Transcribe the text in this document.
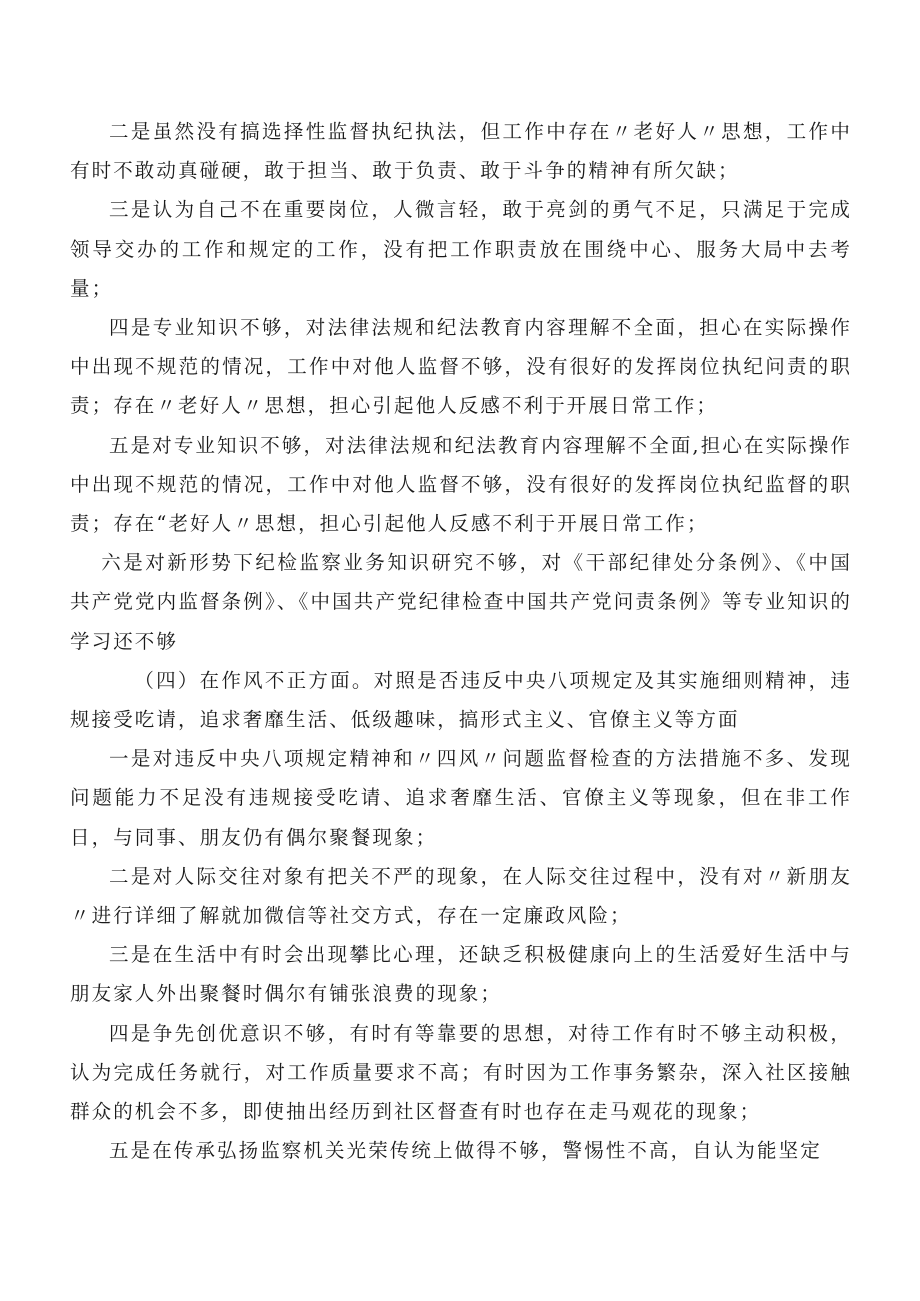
二是虽然没有搞选择性监督执纪执法，但工作中存在〃老好人〃思想，工作中有时不敢动真碰硬，敢于担当、敢于负责、敢于斗争的精神有所欠缺；

三是认为自己不在重要岗位，人微言轻，敢于亮剑的勇气不足，只满足于完成领导交办的工作和规定的工作，没有把工作职责放在围绕中心、服务大局中去考量；

四是专业知识不够，对法律法规和纪法教育内容理解不全面，担心在实际操作中出现不规范的情况，工作中对他人监督不够，没有很好的发挥岗位执纪问责的职责；存在〃老好人〃思想，担心引起他人反感不利于开展日常工作；

五是对专业知识不够，对法律法规和纪法教育内容理解不全面,担心在实际操作中出现不规范的情况，工作中对他人监督不够，没有很好的发挥岗位执纪监督的职责；存在“老好人〃思想，担心引起他人反感不利于开展日常工作；

六是对新形势下纪检监察业务知识研究不够，对《干部纪律处分条例》、《中国共产党党内监督条例》、《中国共产党纪律检查中国共产党问责条例》等专业知识的学习还不够

（四）在作风不正方面。对照是否违反中央八项规定及其实施细则精神，违规接受吃请，追求奢靡生活、低级趣味，搞形式主义、官僚主义等方面

一是对违反中央八项规定精神和〃四风〃问题监督检查的方法措施不多、发现问题能力不足没有违规接受吃请、追求奢靡生活、官僚主义等现象，但在非工作日，与同事、朋友仍有偶尔聚餐现象；

二是对人际交往对象有把关不严的现象，在人际交往过程中，没有对〃新朋友〃进行详细了解就加微信等社交方式，存在一定廉政风险；

三是在生活中有时会出现攀比心理，还缺乏积极健康向上的生活爱好生活中与朋友家人外出聚餐时偶尔有铺张浪费的现象；

四是争先创优意识不够，有时有等靠要的思想，对待工作有时不够主动积极，认为完成任务就行，对工作质量要求不高；有时因为工作事务繁杂，深入社区接触群众的机会不多，即使抽出经历到社区督查有时也存在走马观花的现象；

五是在传承弘扬监察机关光荣传统上做得不够，警惕性不高，自认为能坚定
